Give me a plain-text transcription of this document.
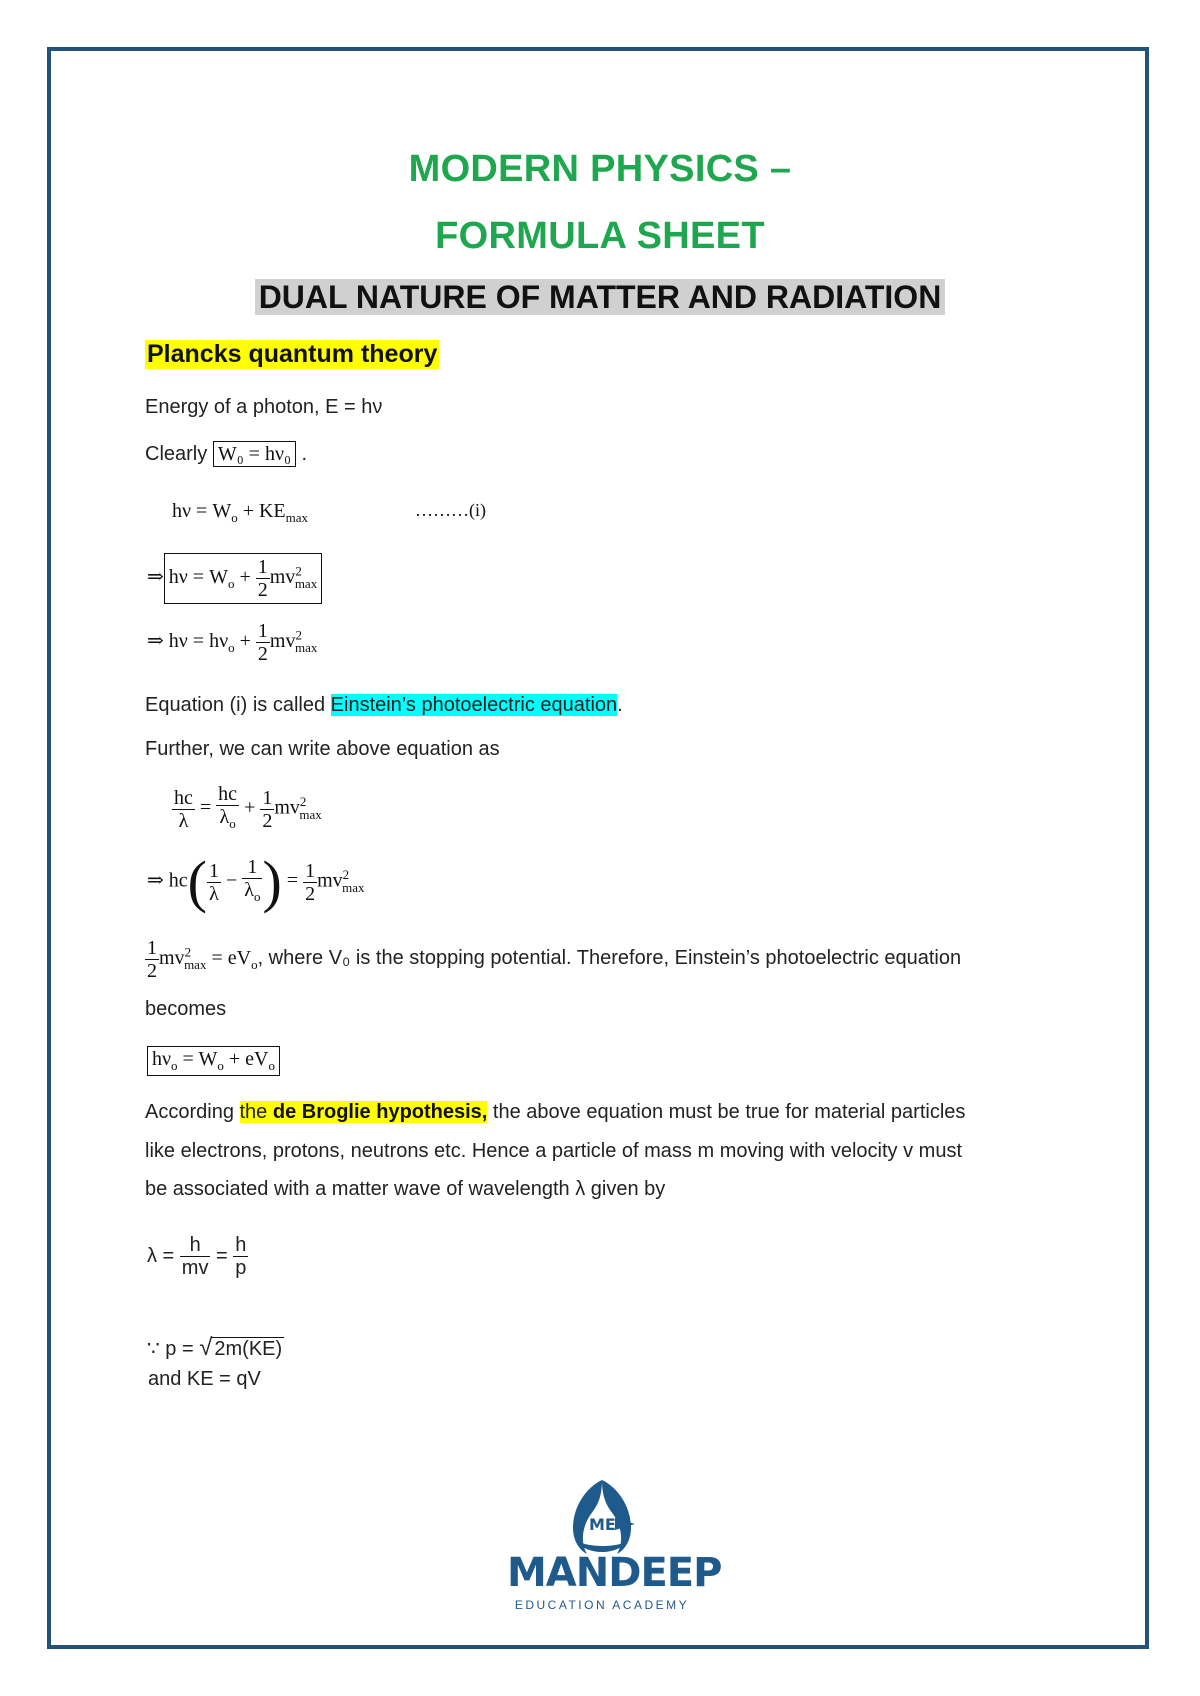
MODERN PHYSICS –
FORMULA SHEET
DUAL NATURE OF MATTER AND RADIATION
Plancks quantum theory
Energy of a photon, E = hν
Clearly W₀ = hν₀ .
$h\nu = W_o + KE_{max}$	………(i)
⇒ $h\nu = W_o + \frac{1}{2} mv^2_{max}$
⇒ $h\nu = h\nu_o + \frac{1}{2} mv^2_{max}$
Equation (i) is called Einstein’s photoelectric equation.
Further, we can write above equation as
$\frac{hc}{\lambda} = \frac{hc}{\lambda_o} + \frac{1}{2} mv^2_{max}$
⇒ $hc( \frac{1}{\lambda} - \frac{1}{\lambda_o}$ ) = $\frac{1}{2} mv^2_{max}$
$\frac{1}{2} mv^2_{max} = eV_o$, where V₀ is the stopping potential. Therefore, Einstein’s photoelectric equation
becomes
$h\nu_o = W_o + eV_o$
According the de Broglie hypothesis, the above equation must be true for material particles
like electrons, protons, neutrons etc. Hence a particle of mass m moving with velocity v must
be associated with a matter wave of wavelength λ given by
$\lambda = \frac{h}{mv} = \frac{h}{p}$
∵ p = √ 2m(KE)
and KE = qV
ME
MANDEEP
EDUCATION ACADEMY
